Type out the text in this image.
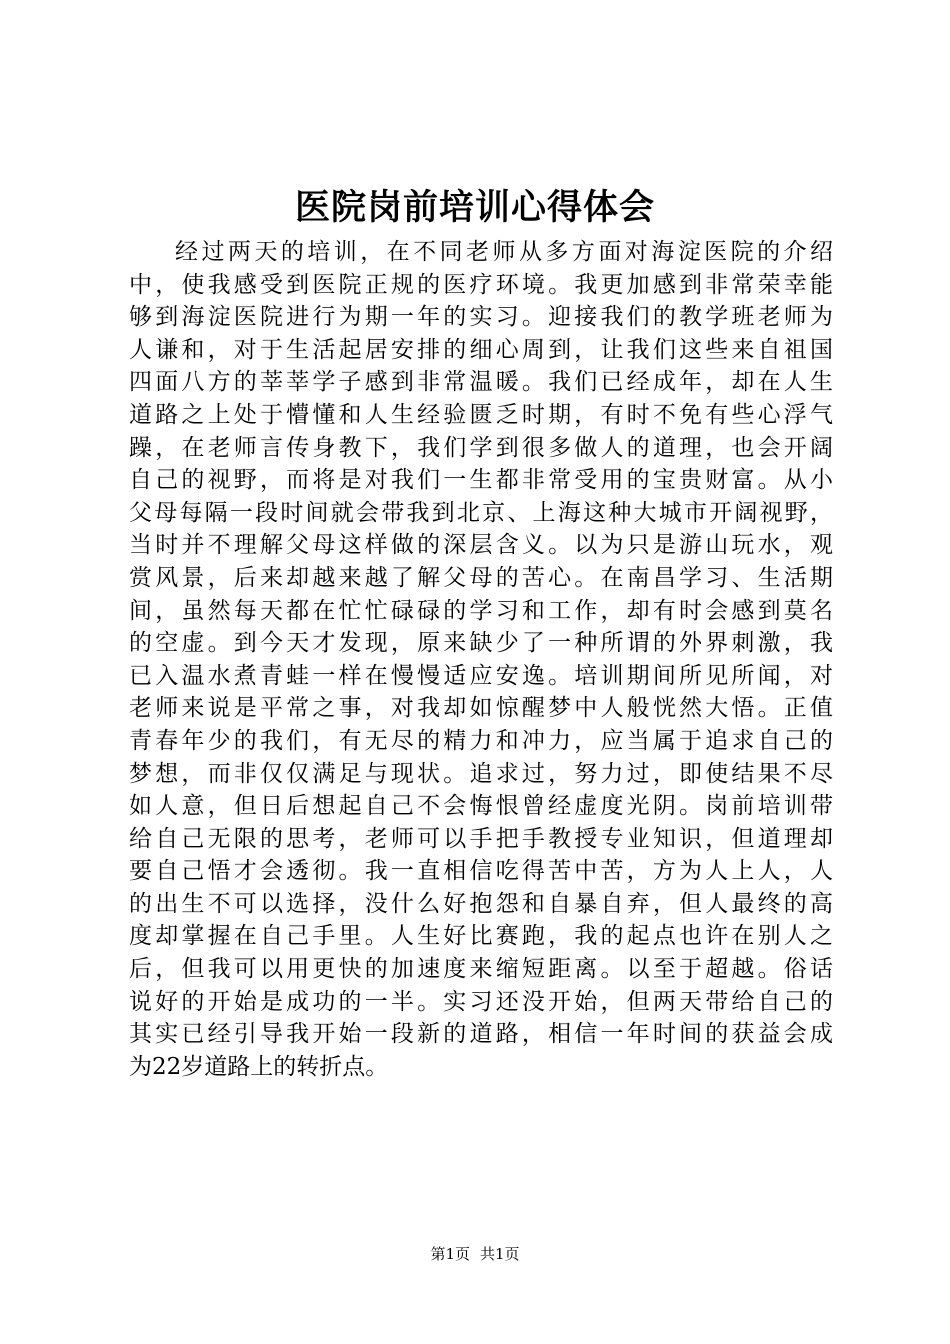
医院岗前培训心得体会
经过两天的培训，在不同老师从多方面对海淀医院的介绍
中，使我感受到医院正规的医疗环境。我更加感到非常荣幸能
够到海淀医院进行为期一年的实习。迎接我们的教学班老师为
人谦和，对于生活起居安排的细心周到，让我们这些来自祖国
四面八方的莘莘学子感到非常温暖。我们已经成年，却在人生
道路之上处于懵懂和人生经验匮乏时期，有时不免有些心浮气
躁，在老师言传身教下，我们学到很多做人的道理，也会开阔
自己的视野，而将是对我们一生都非常受用的宝贵财富。从小
父母每隔一段时间就会带我到北京、上海这种大城市开阔视野，
当时并不理解父母这样做的深层含义。以为只是游山玩水，观
赏风景，后来却越来越了解父母的苦心。在南昌学习、生活期
间，虽然每天都在忙忙碌碌的学习和工作，却有时会感到莫名
的空虚。到今天才发现，原来缺少了一种所谓的外界刺激，我
已入温水煮青蛙一样在慢慢适应安逸。培训期间所见所闻，对
老师来说是平常之事，对我却如惊醒梦中人般恍然大悟。正值
青春年少的我们，有无尽的精力和冲力，应当属于追求自己的
梦想，而非仅仅满足与现状。追求过，努力过，即使结果不尽
如人意，但日后想起自己不会悔恨曾经虚度光阴。岗前培训带
给自己无限的思考，老师可以手把手教授专业知识，但道理却
要自己悟才会透彻。我一直相信吃得苦中苦，方为人上人，人
的出生不可以选择，没什么好抱怨和自暴自弃，但人最终的高
度却掌握在自己手里。人生好比赛跑，我的起点也许在别人之
后，但我可以用更快的加速度来缩短距离。以至于超越。俗话
说好的开始是成功的一半。实习还没开始，但两天带给自己的
其实已经引导我开始一段新的道路，相信一年时间的获益会成
为22岁道路上的转折点。
第1页 共1页
